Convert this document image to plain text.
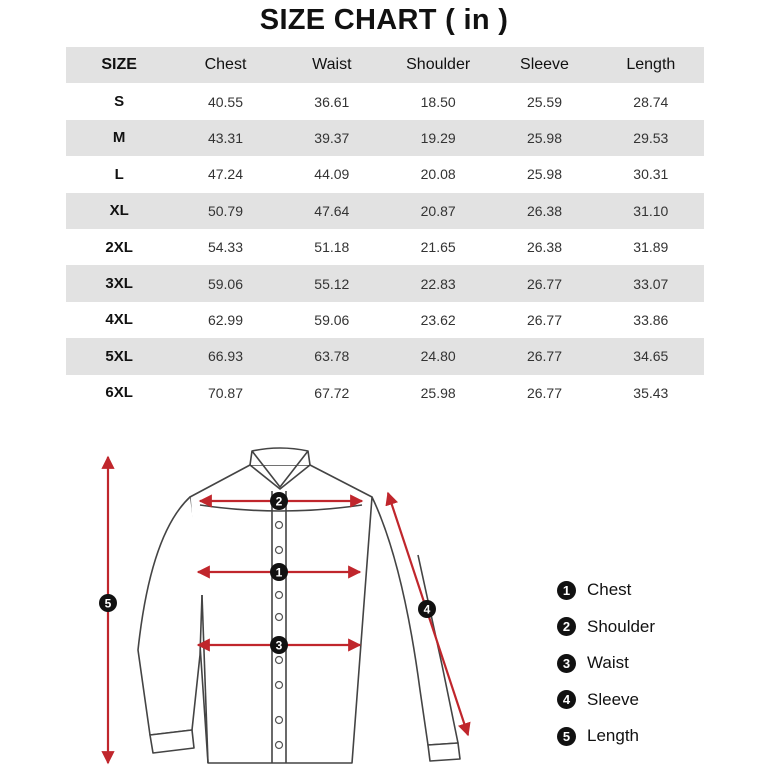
SIZE CHART ( in )
SIZE	Chest	Waist	Shoulder	Sleeve	Length
S	40.55	36.61	18.50	25.59	28.74
M	43.31	39.37	19.29	25.98	29.53
L	47.24	44.09	20.08	25.98	30.31
XL	50.79	47.64	20.87	26.38	31.10
2XL	54.33	51.18	21.65	26.38	31.89
3XL	59.06	55.12	22.83	26.77	33.07
4XL	62.99	59.06	23.62	26.77	33.86
5XL	66.93	63.78	24.80	26.77	34.65
6XL	70.87	67.72	25.98	26.77	35.43
1
2
3
4
5
1 Chest
2 Shoulder
3 Waist
4 Sleeve
5 Length
